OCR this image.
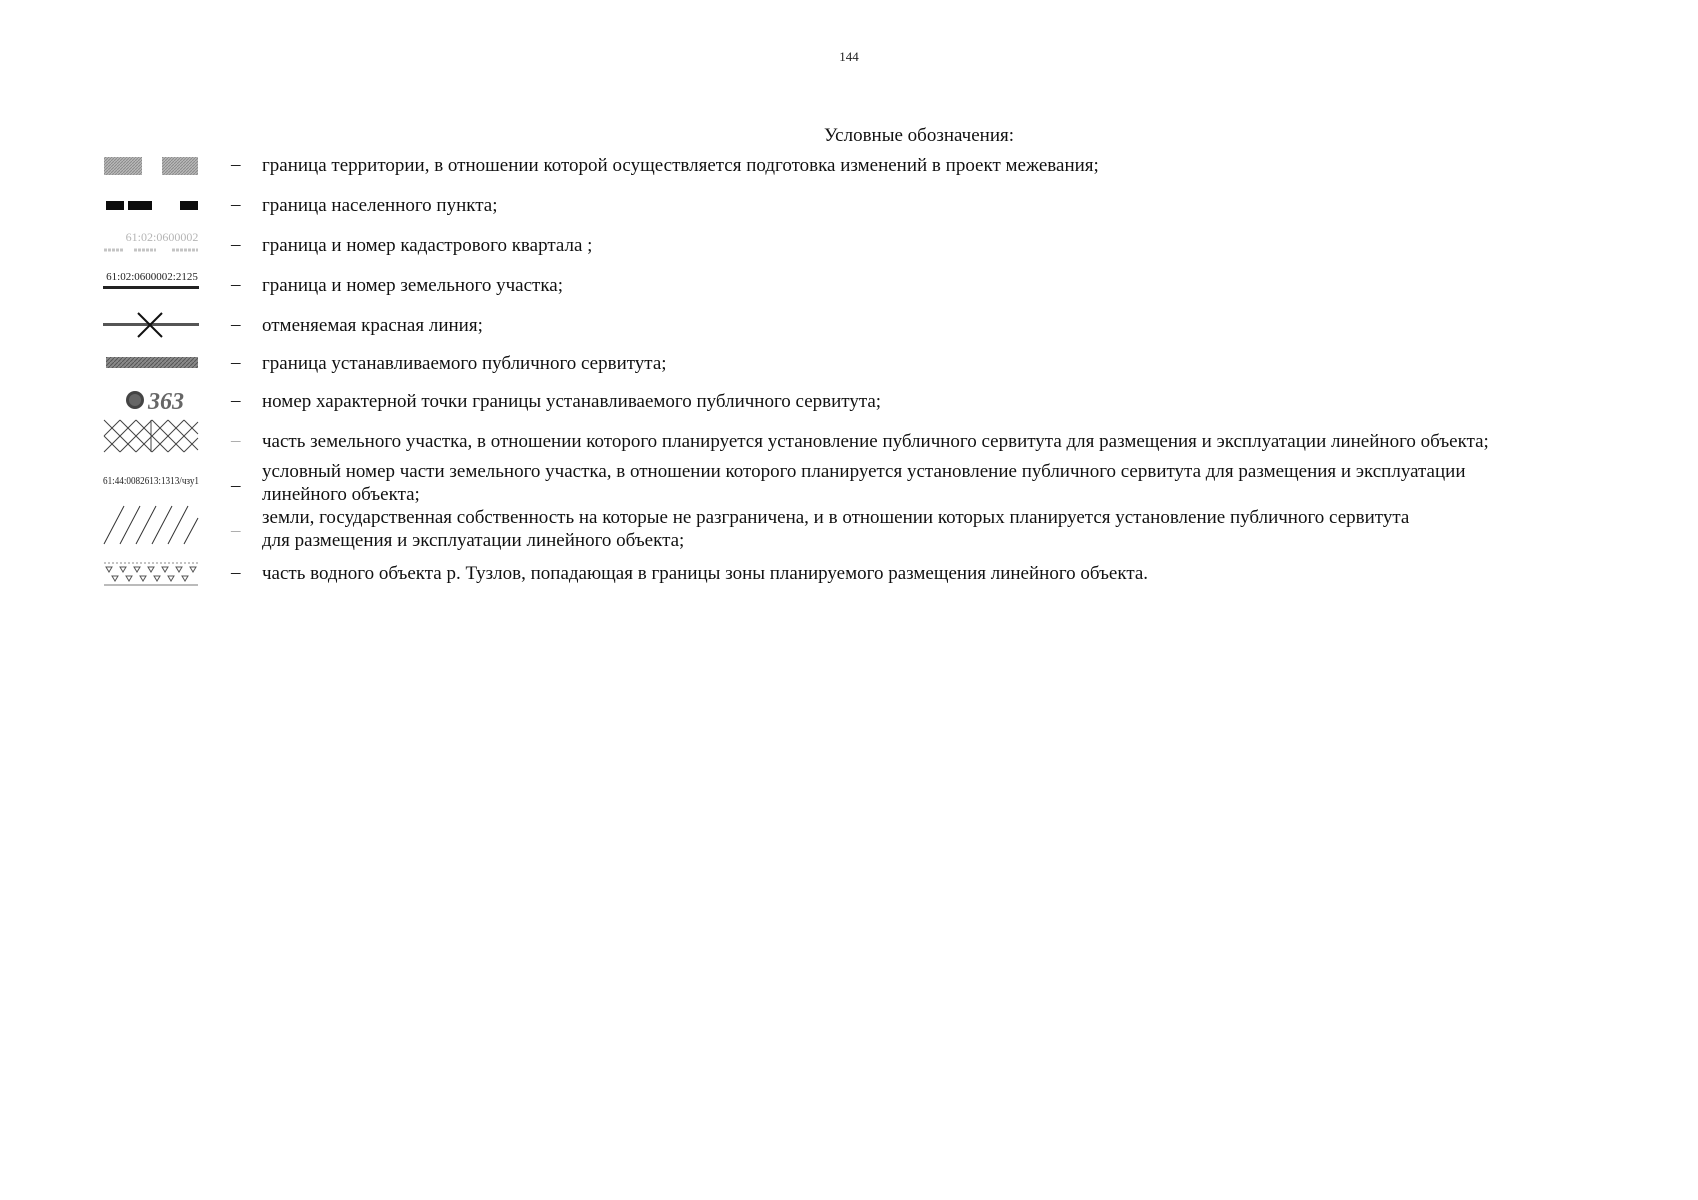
144
Условные обозначения:
– граница территории, в отношении которой осуществляется подготовка изменений в проект межевания;
– граница населенного пункта;
61:02:0600002 – граница и номер кадастрового квартала ;
61:02:0600002:2125 – граница и номер земельного участка;
– отменяемая красная линия;
– граница устанавливаемого публичного сервитута;
363 – номер характерной точки границы устанавливаемого публичного сервитута;
– часть земельного участка, в отношении которого планируется установление публичного сервитута для размещения и эксплуатации линейного объекта;
61:44:0082613:1313/чзу1 –
условный номер части земельного участка, в отношении которого планируется установление публичного сервитута для размещения и эксплуатации
линейного объекта;
–
земли, государственная собственность на которые не разграничена, и в отношении которых планируется установление публичного сервитута
для размещения и эксплуатации линейного объекта;
– часть водного объекта р. Тузлов, попадающая в границы зоны планируемого размещения линейного объекта.
